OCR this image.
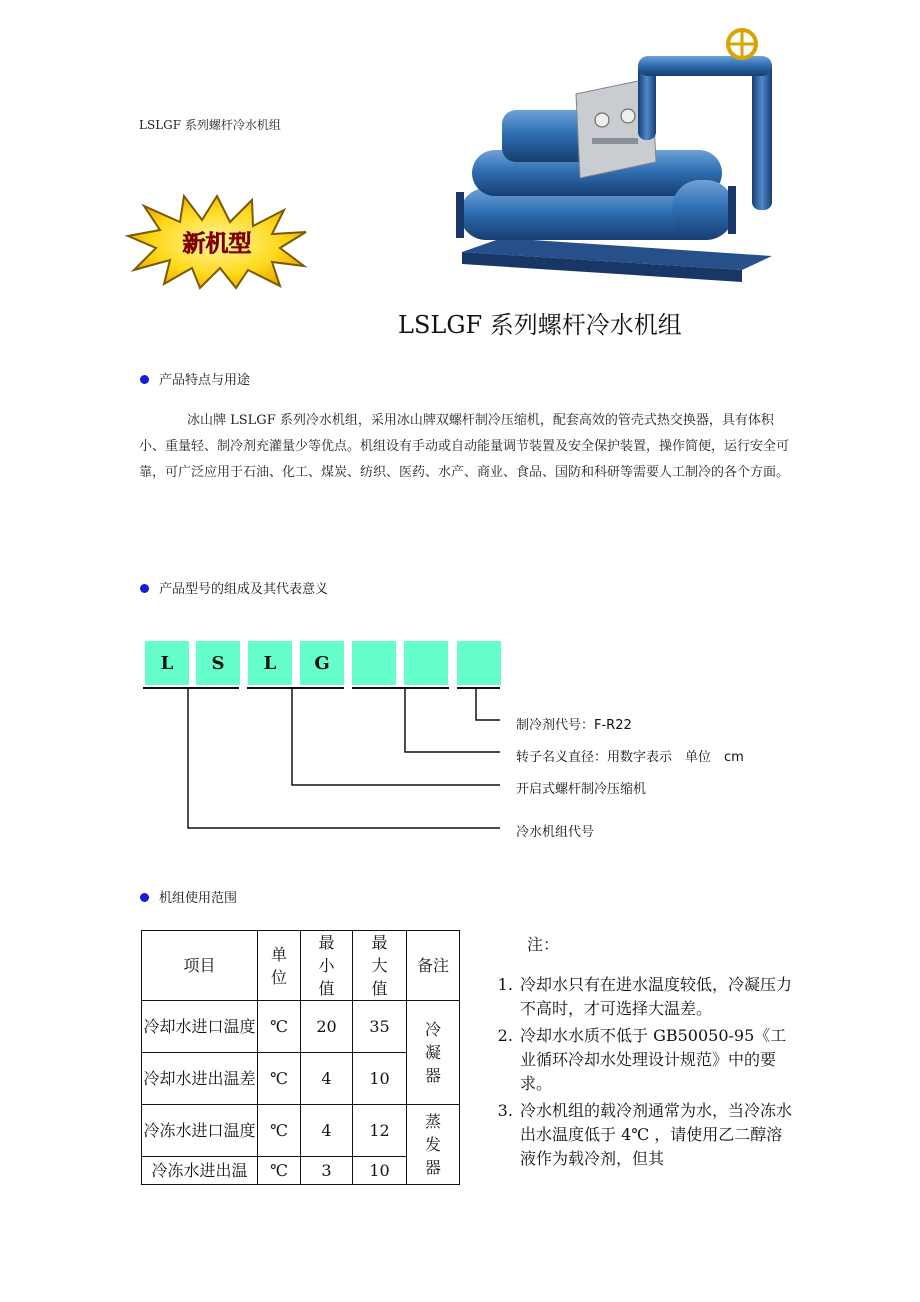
LSLGF 系列螺杆冷水机组
新机型
LSLGF 系列螺杆冷水机组
产品特点与用途
冰山牌 LSLGF 系列冷水机组，采用冰山牌双螺杆制冷压缩机，配套高效的管壳式热交换器，具有体积小、重量轻、制冷剂充灌量少等优点。机组设有手动或自动能量调节装置及安全保护装置，操作简便，运行安全可靠，可广泛应用于石油、化工、煤炭、纺织、医药、水产、商业、食品、国防和科研等需要人工制冷的各个方面。
产品型号的组成及其代表意义
L	S	L	G
制冷剂代号：F-R22
转子名义直径：用数字表示　单位　cm
开启式螺杆制冷压缩机
冷水机组代号
机组使用范围
项目	单位	最小值	最大值	备注
冷却水进口温度	℃	20	35	冷凝器
冷却水进出温差	℃	4	10	
冷冻水进口温度	℃	4	12	蒸发器
冷冻水进出温	℃	3	10	
注：
1. 冷却水只有在进水温度较低，冷凝压力不高时，才可选择大温差。
2. 冷却水水质不低于 GB50050-95《工业循环冷却水处理设计规范》中的要求。
3. 冷水机组的载冷剂通常为水，当冷冻水出水温度低于 4℃ ，请使用乙二醇溶液作为载冷剂，但其
